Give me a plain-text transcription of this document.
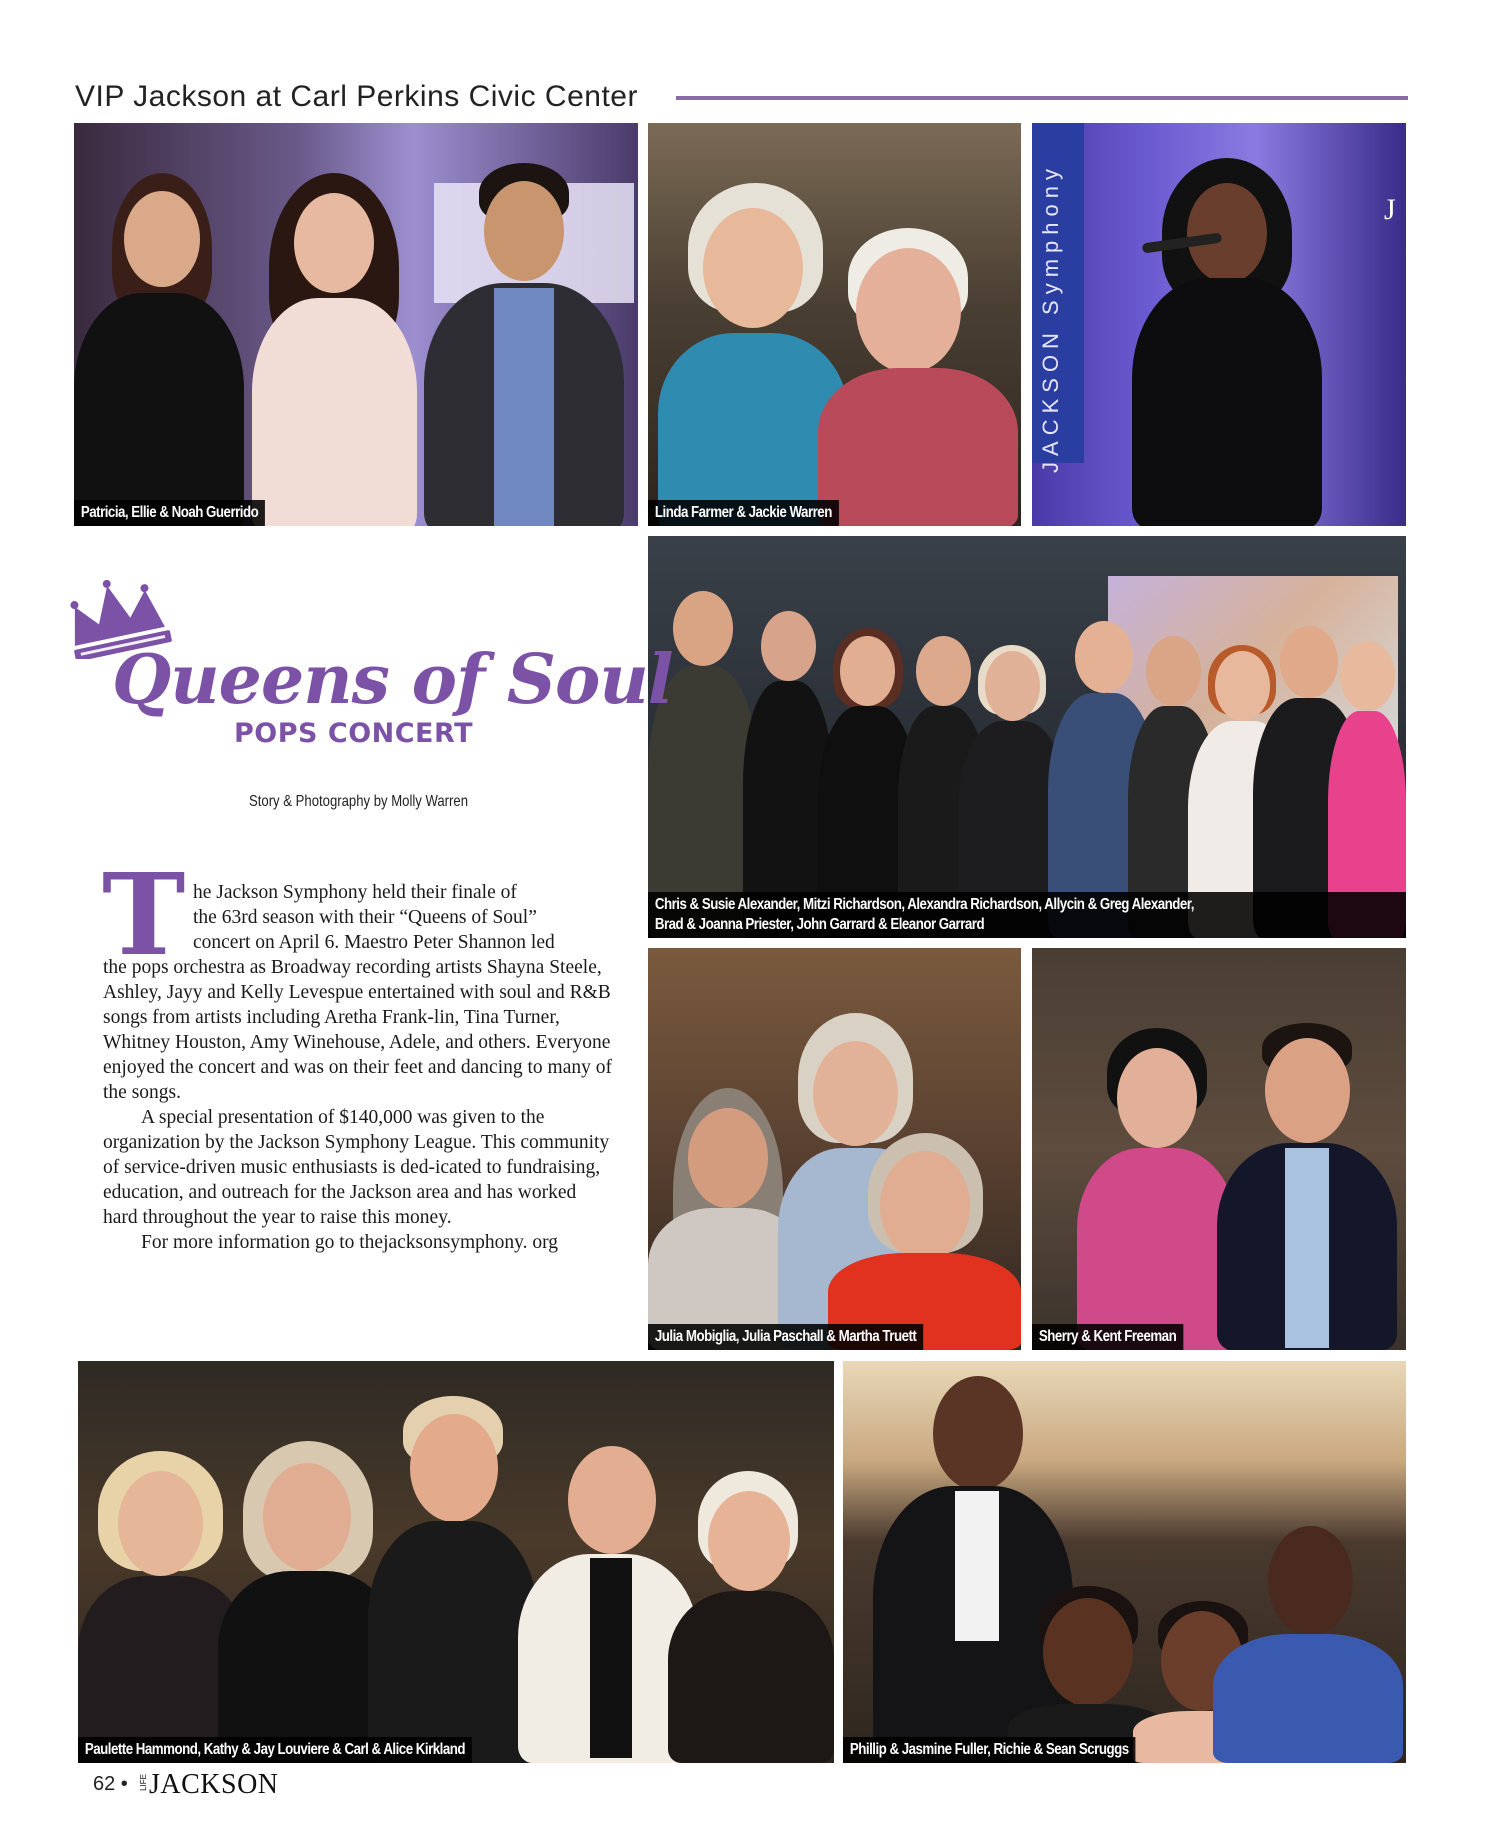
VIP Jackson at Carl Perkins Civic Center
Patricia, Ellie & Noah Guerrido	Linda Farmer & Jackie Warren
JACKSON Symphony	J
Chris & Susie Alexander, Mitzi Richardson, Alexandra Richardson, Allycin & Greg Alexander,
Brad & Joanna Priester, John Garrard & Eleanor Garrard
Julia Mobiglia, Julia Paschall & Martha Truett	Sherry & Kent Freeman
Paulette Hammond, Kathy & Jay Louviere & Carl & Alice Kirkland	Phillip & Jasmine Fuller, Richie & Sean Scruggs
Queens of Soul
POPS CONCERT
Story & Photography by Molly Warren
T he Jackson Symphony held their finale of
the 63rd season with their “Queens of Soul”
concert on April 6. Maestro Peter Shannon led

the pops orchestra as Broadway recording artists Shayna Steele, Ashley, Jayy and Kelly Levespue entertained with soul and R&B songs from artists including Aretha Frank-lin, Tina Turner, Whitney Houston, Amy Winehouse, Adele, and others. Everyone enjoyed the concert and was on their feet and dancing to many of the songs.

A special presentation of $140,000 was given to the organization by the Jackson Symphony League. This community of service-driven music enthusiasts is ded-icated to fundraising, education, and outreach for the Jackson area and has worked hard throughout the year to raise this money.

For more information go to thejacksonsymphony. org

62 • LIFE JACKSON
